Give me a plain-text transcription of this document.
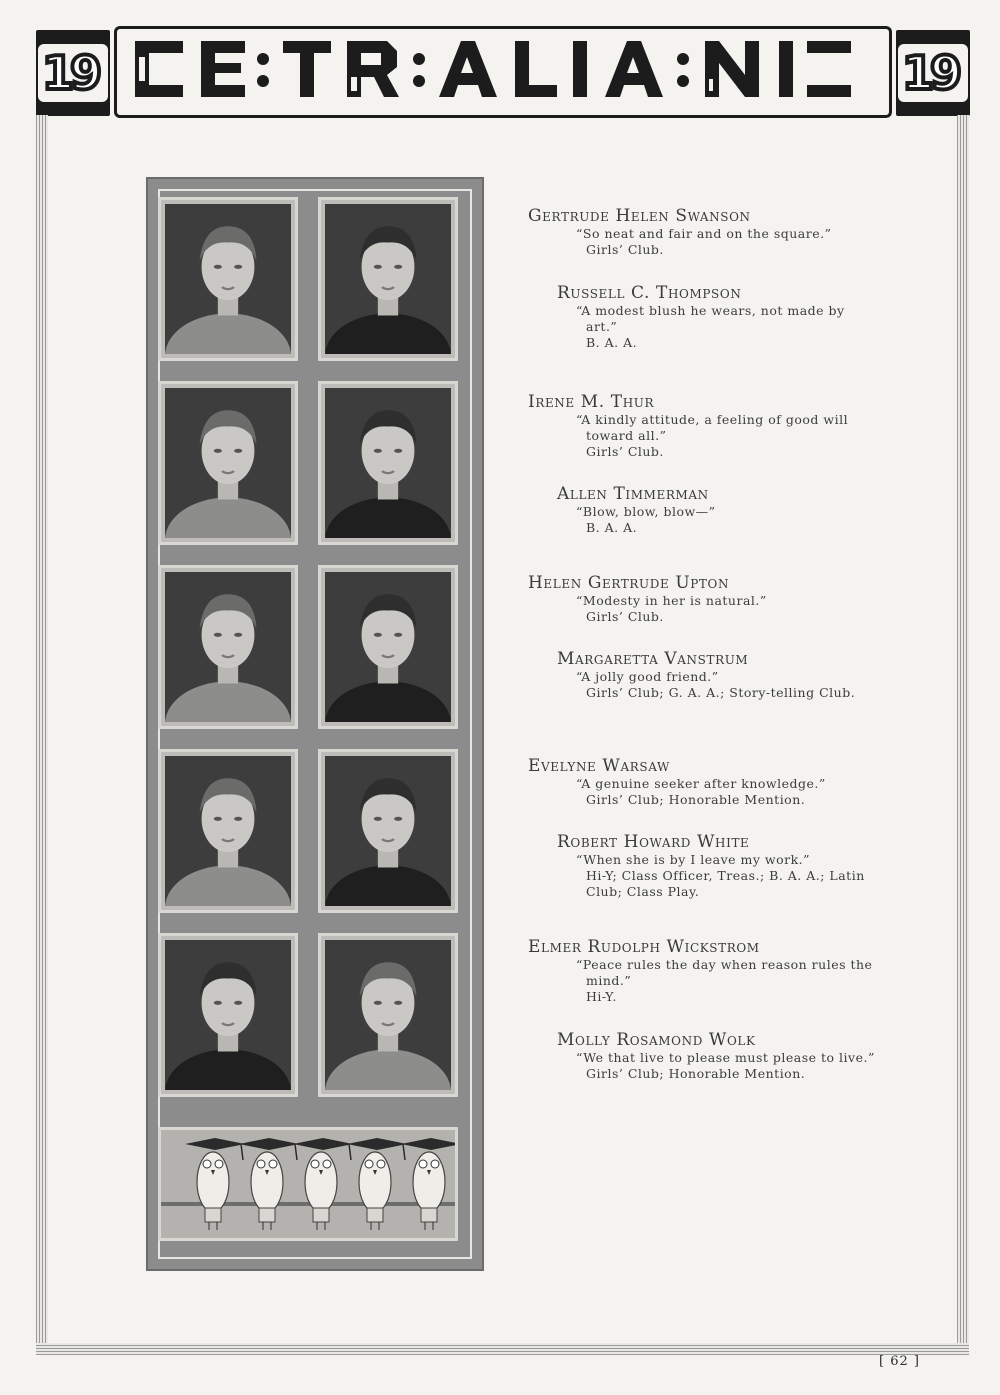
19	19
Gertrude Helen Swanson
“So neat and fair and on the square.”
Girls’ Club.
Russell C. Thompson
“A modest blush he wears, not made by art.”
B. A. A.
Irene M. Thur
“A kindly attitude, a feeling of good will toward all.”
Girls’ Club.
Allen Timmerman
“Blow, blow, blow—”
B. A. A.
Helen Gertrude Upton
“Modesty in her is natural.”
Girls’ Club.
Margaretta Vanstrum
“A jolly good friend.”
Girls’ Club; G. A. A.; Story-telling Club.
Evelyne Warsaw
“A genuine seeker after knowledge.”
Girls’ Club; Honorable Mention.
Robert Howard White
“When she is by I leave my work.”
Hi-Y; Class Officer, Treas.; B. A. A.; Latin Club; Class Play.
Elmer Rudolph Wickstrom
“Peace rules the day when reason rules the mind.”
Hi-Y.
Molly Rosamond Wolk
“We that live to please must please to live.”
Girls’ Club; Honorable Mention.
[ 62 ]
